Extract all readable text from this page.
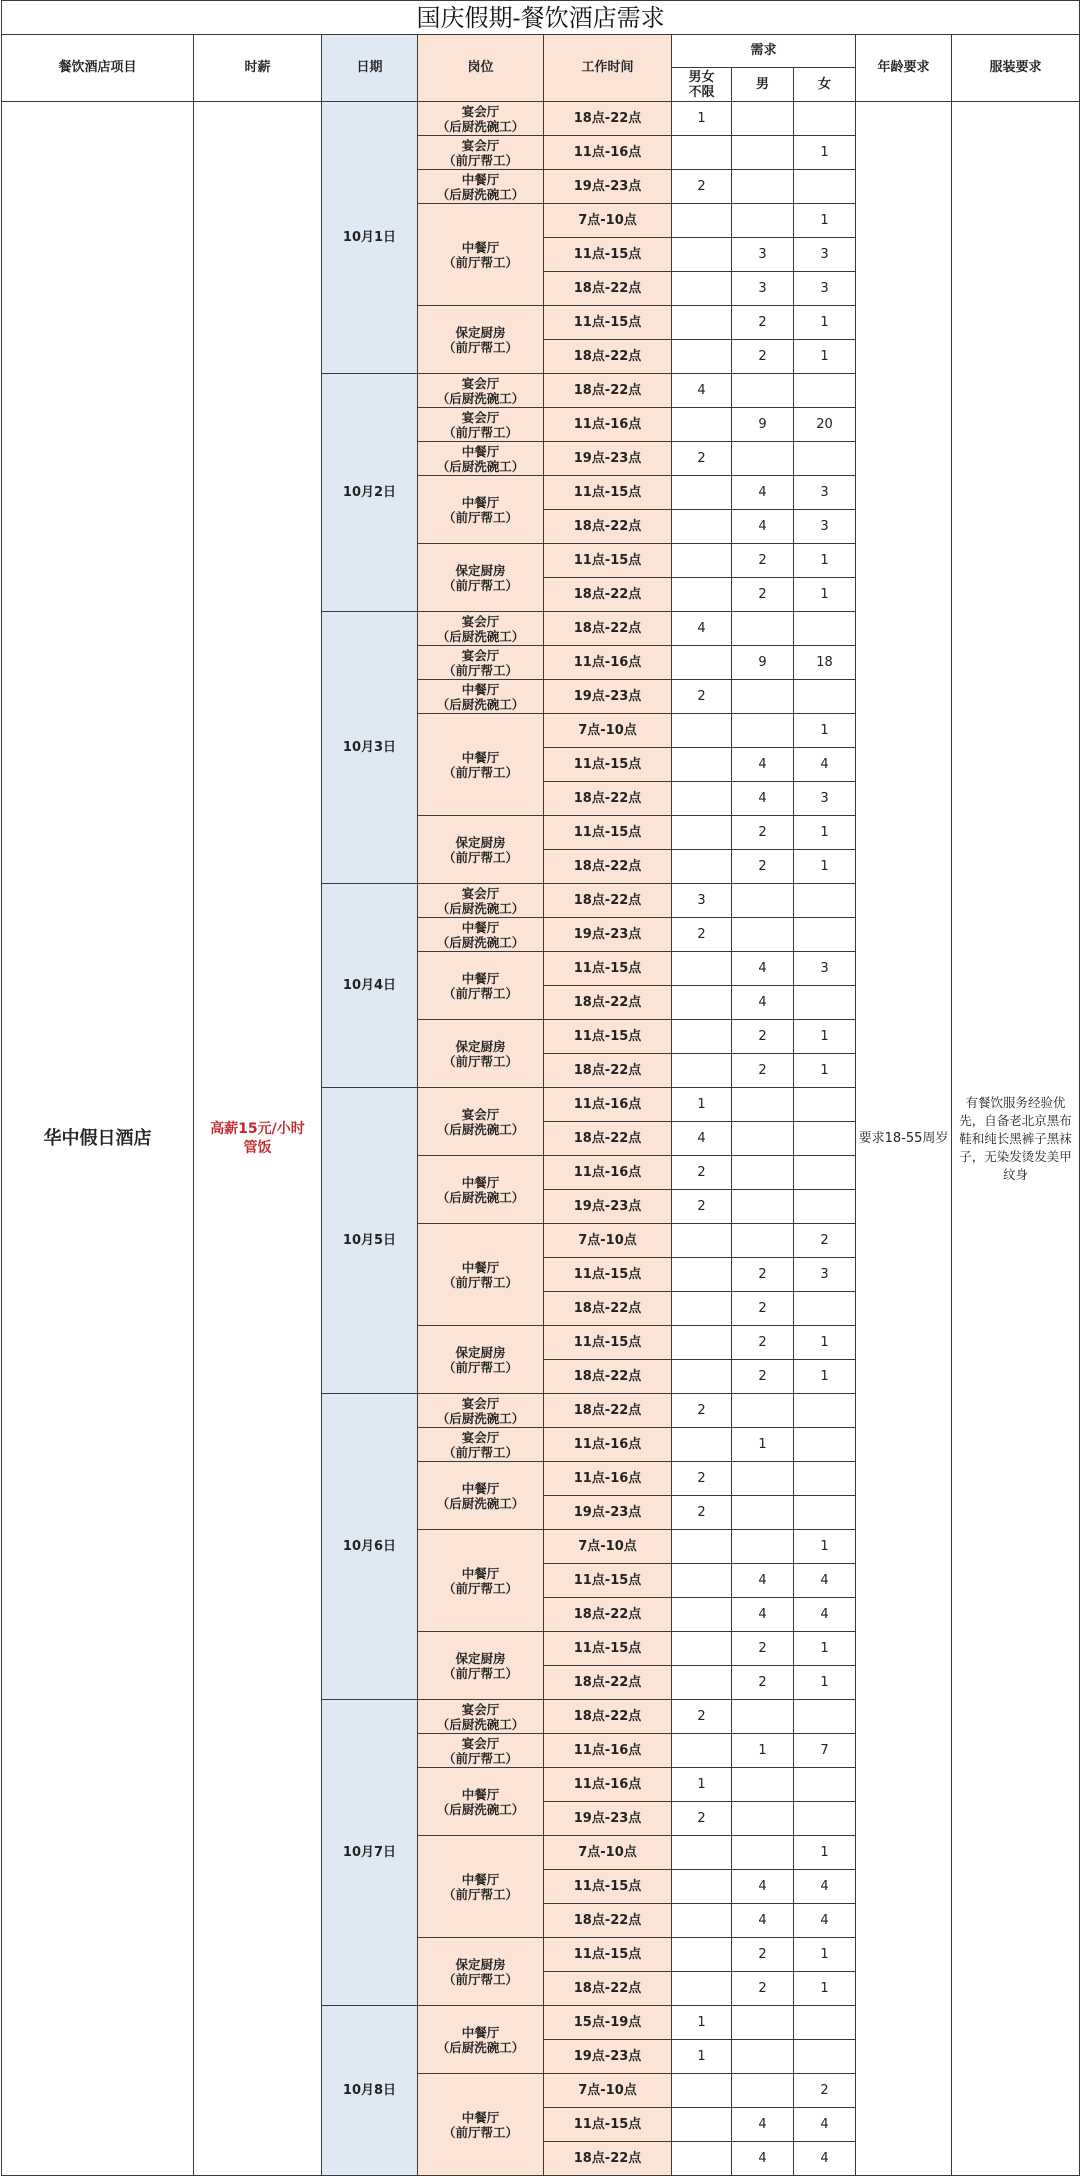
国庆假期-餐饮酒店需求									
餐饮酒店项目	时薪	日期	岗位	工作时间	需求			年龄要求	服装要求
					男女
不限	男	女		
华中假日酒店	高薪15元/小时
管饭	10月1日	宴会厅
（后厨洗碗工）	18点-22点	1			要求18-55周岁	有餐饮服务经验优先，自备老北京黑布鞋和纯长黑裤子黑袜子，无染发烫发美甲纹身
			宴会厅
（前厅帮工）	11点-16点			1		
			中餐厅
（后厨洗碗工）	19点-23点	2				
			中餐厅
（前厅帮工）	7点-10点			1		
				11点-15点		3	3		
				18点-22点		3	3		
			保定厨房
（前厅帮工）	11点-15点		2	1		
				18点-22点		2	1		
		10月2日	宴会厅
（后厨洗碗工）	18点-22点	4				
			宴会厅
（前厅帮工）	11点-16点		9	20		
			中餐厅
（后厨洗碗工）	19点-23点	2				
			中餐厅
（前厅帮工）	11点-15点		4	3		
				18点-22点		4	3		
			保定厨房
（前厅帮工）	11点-15点		2	1		
				18点-22点		2	1		
		10月3日	宴会厅
（后厨洗碗工）	18点-22点	4				
			宴会厅
（前厅帮工）	11点-16点		9	18		
			中餐厅
（后厨洗碗工）	19点-23点	2				
			中餐厅
（前厅帮工）	7点-10点			1		
				11点-15点		4	4		
				18点-22点		4	3		
			保定厨房
（前厅帮工）	11点-15点		2	1		
				18点-22点		2	1		
		10月4日	宴会厅
（后厨洗碗工）	18点-22点	3				
			中餐厅
（后厨洗碗工）	19点-23点	2				
			中餐厅
（前厅帮工）	11点-15点		4	3		
				18点-22点		4			
			保定厨房
（前厅帮工）	11点-15点		2	1		
				18点-22点		2	1		
		10月5日	宴会厅
（后厨洗碗工）	11点-16点	1				
				18点-22点	4				
			中餐厅
（后厨洗碗工）	11点-16点	2				
				19点-23点	2				
			中餐厅
（前厅帮工）	7点-10点			2		
				11点-15点		2	3		
				18点-22点		2			
			保定厨房
（前厅帮工）	11点-15点		2	1		
				18点-22点		2	1		
		10月6日	宴会厅
（后厨洗碗工）	18点-22点	2				
			宴会厅
（前厅帮工）	11点-16点		1			
			中餐厅
（后厨洗碗工）	11点-16点	2				
				19点-23点	2				
			中餐厅
（前厅帮工）	7点-10点			1		
				11点-15点		4	4		
				18点-22点		4	4		
			保定厨房
（前厅帮工）	11点-15点		2	1		
				18点-22点		2	1		
		10月7日	宴会厅
（后厨洗碗工）	18点-22点	2				
			宴会厅
（前厅帮工）	11点-16点		1	7		
			中餐厅
（后厨洗碗工）	11点-16点	1				
				19点-23点	2				
			中餐厅
（前厅帮工）	7点-10点			1		
				11点-15点		4	4		
				18点-22点		4	4		
			保定厨房
（前厅帮工）	11点-15点		2	1		
				18点-22点		2	1		
		10月8日	中餐厅
（后厨洗碗工）	15点-19点	1				
				19点-23点	1				
			中餐厅
（前厅帮工）	7点-10点			2		
				11点-15点		4	4		
				18点-22点		4	4		
